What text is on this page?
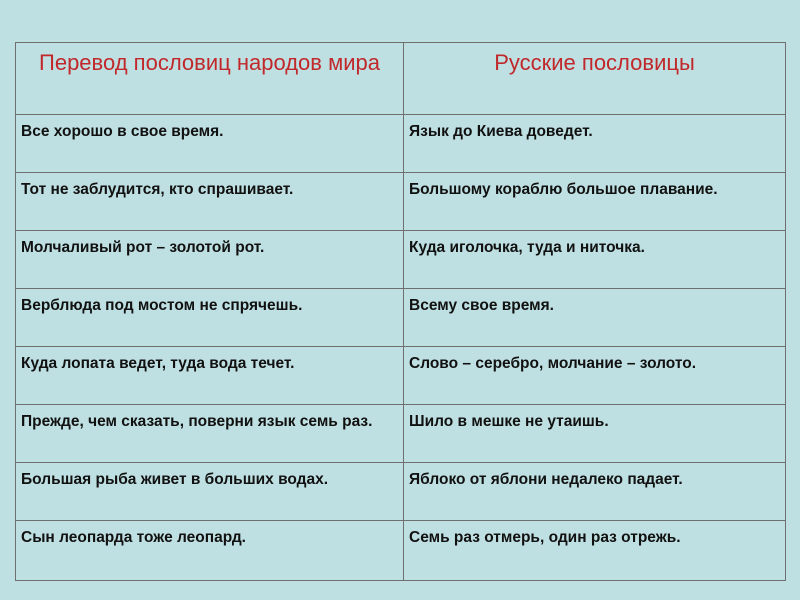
Перевод пословиц народов мира	Русские пословицы
Все хорошо в свое время.	Язык до Киева доведет.
Тот не заблудится, кто спрашивает.	Большому кораблю большое плавание.
Молчаливый рот – золотой рот.	Куда иголочка, туда и ниточка.
Верблюда под мостом не спрячешь.	Всему свое время.
Куда лопата ведет, туда вода течет.	Слово – серебро, молчание – золото.
Прежде, чем сказать, поверни язык семь раз.	Шило в мешке не утаишь.
Большая рыба живет в больших водах.	Яблоко от яблони недалеко падает.
Сын леопарда тоже леопард.	Семь раз отмерь, один раз отрежь.
